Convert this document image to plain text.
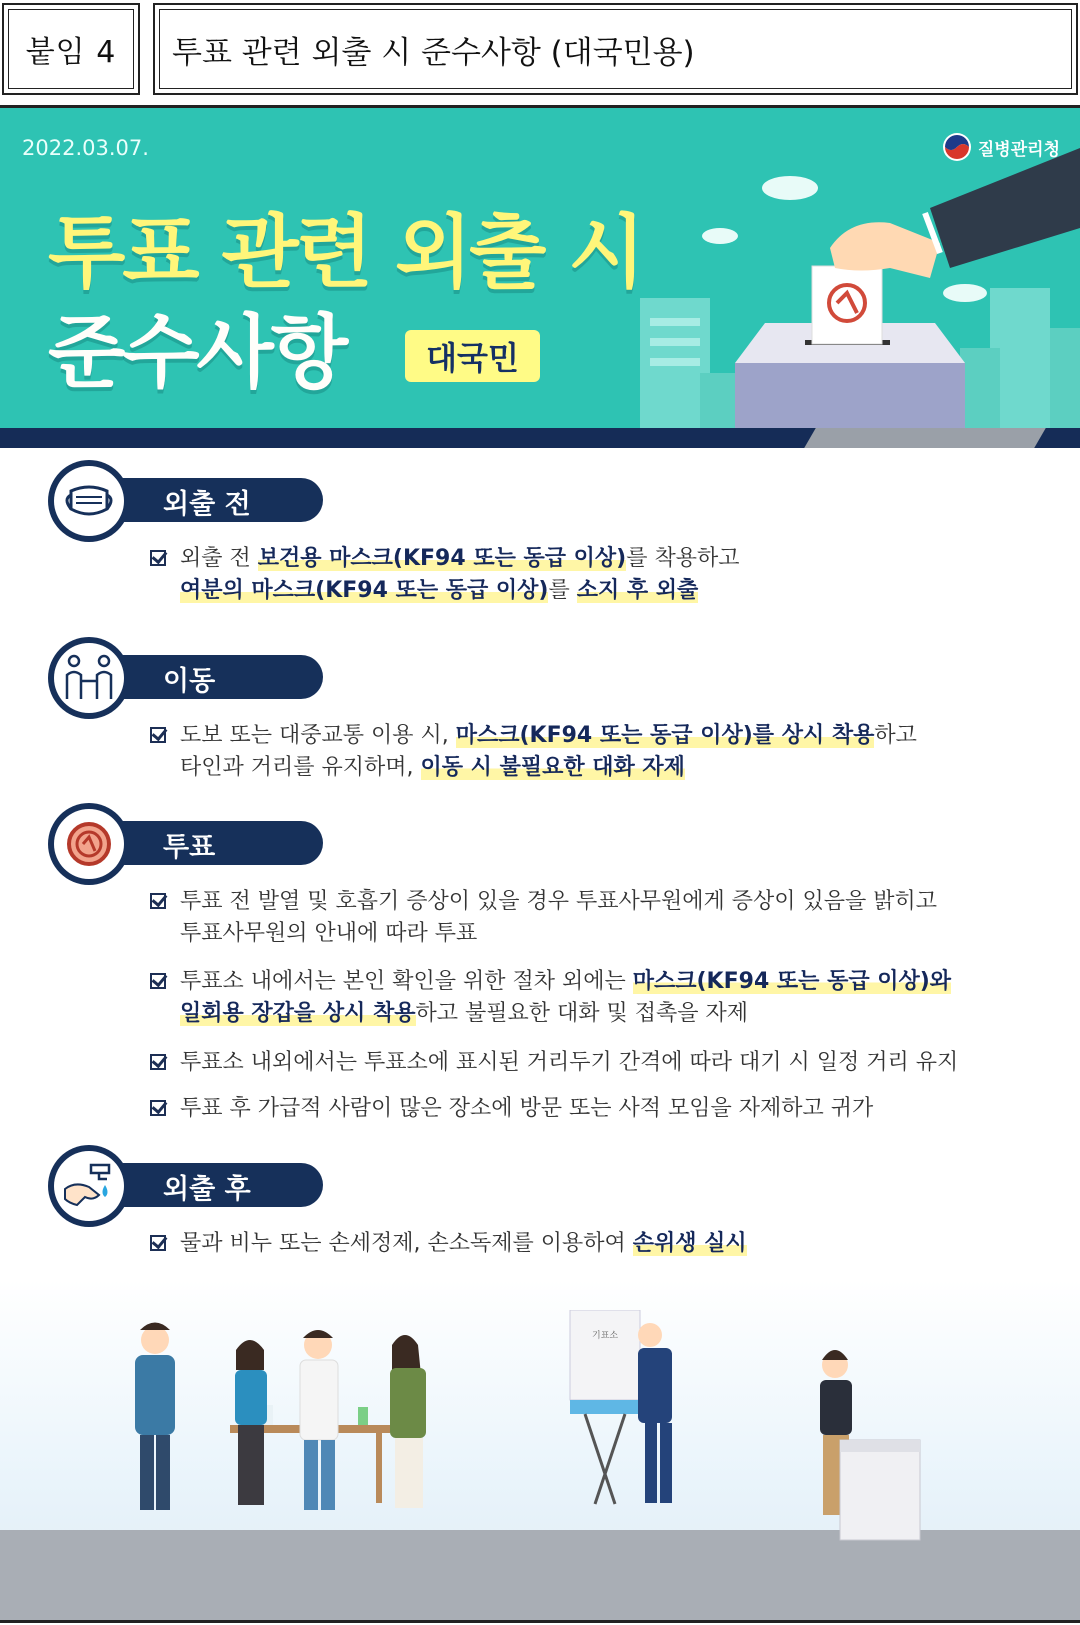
붙임 4	투표 관련 외출 시 준수사항 (대국민용)
2022.03.07.	질병관리청
투표 관련 외출 시
준수사항	대국민
외출 전
외출 전 보건용 마스크(KF94 또는 동급 이상)를 착용하고
여분의 마스크(KF94 또는 동급 이상)를 소지 후 외출
이동
도보 또는 대중교통 이용 시, 마스크(KF94 또는 동급 이상)를 상시 착용하고
타인과 거리를 유지하며, 이동 시 불필요한 대화 자제
투표
투표 전 발열 및 호흡기 증상이 있을 경우 투표사무원에게 증상이 있음을 밝히고
투표사무원의 안내에 따라 투표
투표소 내에서는 본인 확인을 위한 절차 외에는 마스크(KF94 또는 동급 이상)와
일회용 장갑을 상시 착용하고 불필요한 대화 및 접촉을 자제
투표소 내외에서는 투표소에 표시된 거리두기 간격에 따라 대기 시 일정 거리 유지
투표 후 가급적 사람이 많은 장소에 방문 또는 사적 모임을 자제하고 귀가
외출 후
물과 비누 또는 손세정제, 손소독제를 이용하여 손위생 실시
기표소
